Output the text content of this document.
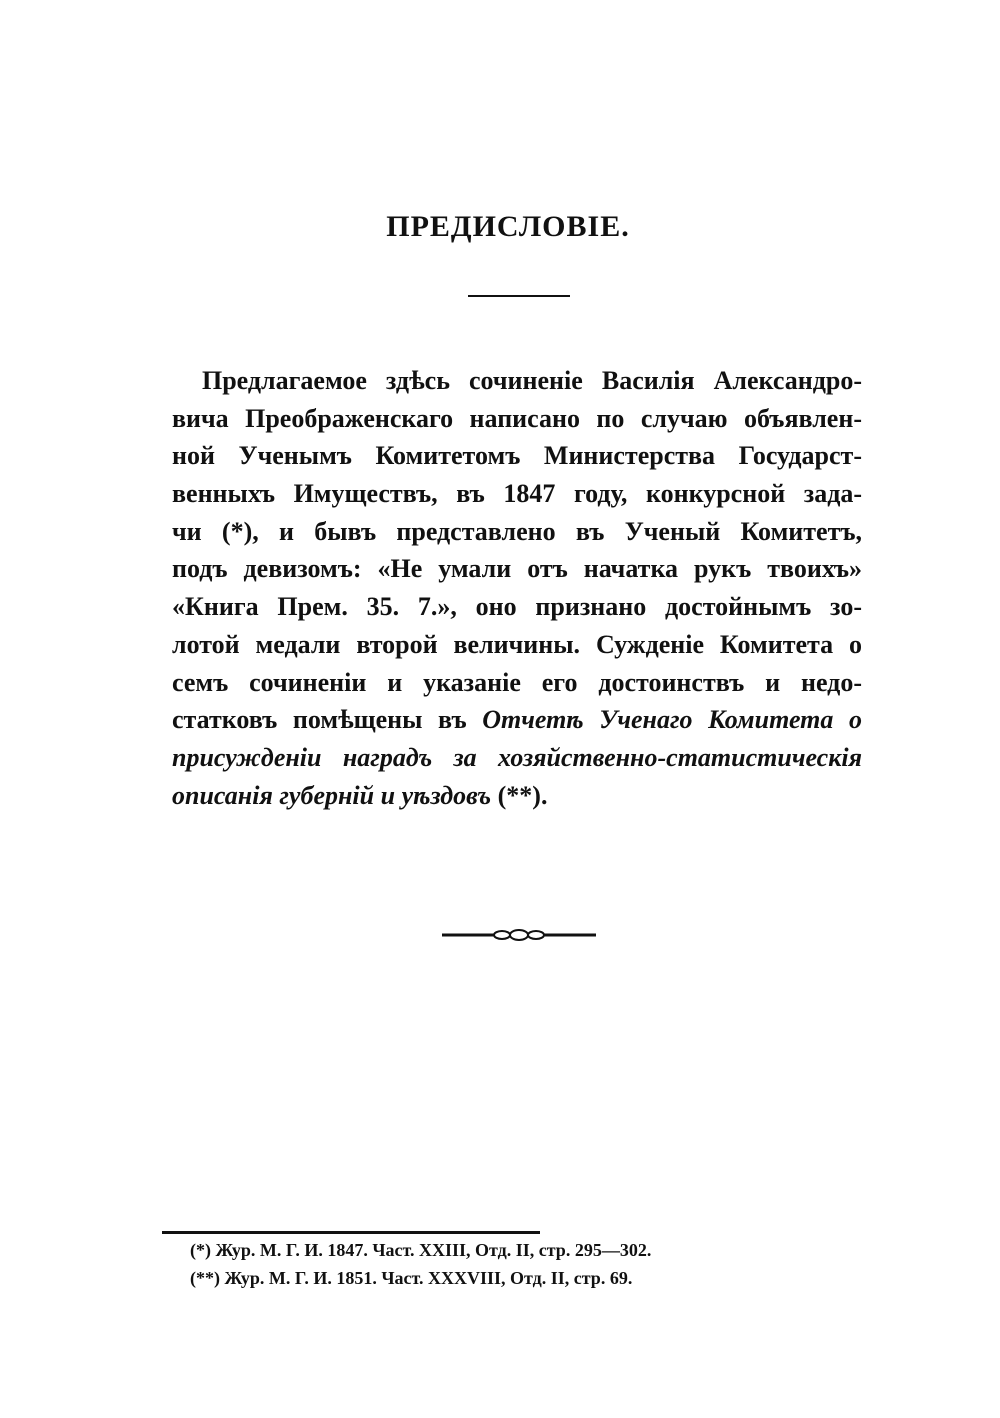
ПРЕДИСЛОВІЕ.
Предлагаемое здѣсь сочиненіе Василія Александро-
вича Преображенскаго написано по случаю объявлен-
ной Ученымъ Комитетомъ Министерства Государст-
венныхъ Имуществъ, въ 1847 году, конкурсной зада-
чи (*), и бывъ представлено въ Ученый Комитетъ,
подъ девизомъ: «Не умали отъ начатка рукъ твоихъ»
«Книга Прем. 35. 7.», оно признано достойнымъ зо-
лотой медали второй величины. Сужденіе Комитета о
семъ сочиненіи и указаніе его достоинствъ и недо-
статковъ помѣщены въ Отчетѣ Ученаго Комитета о
присужденіи наградъ за хозяйственно-статистическія
описанія губерній и уѣздовъ (**).
(*) Жур. М. Г. И. 1847. Част. XXIII, Отд. II, стр. 295—302.
(**) Жур. М. Г. И. 1851. Част. XXXVIII, Отд. II, стр. 69.
